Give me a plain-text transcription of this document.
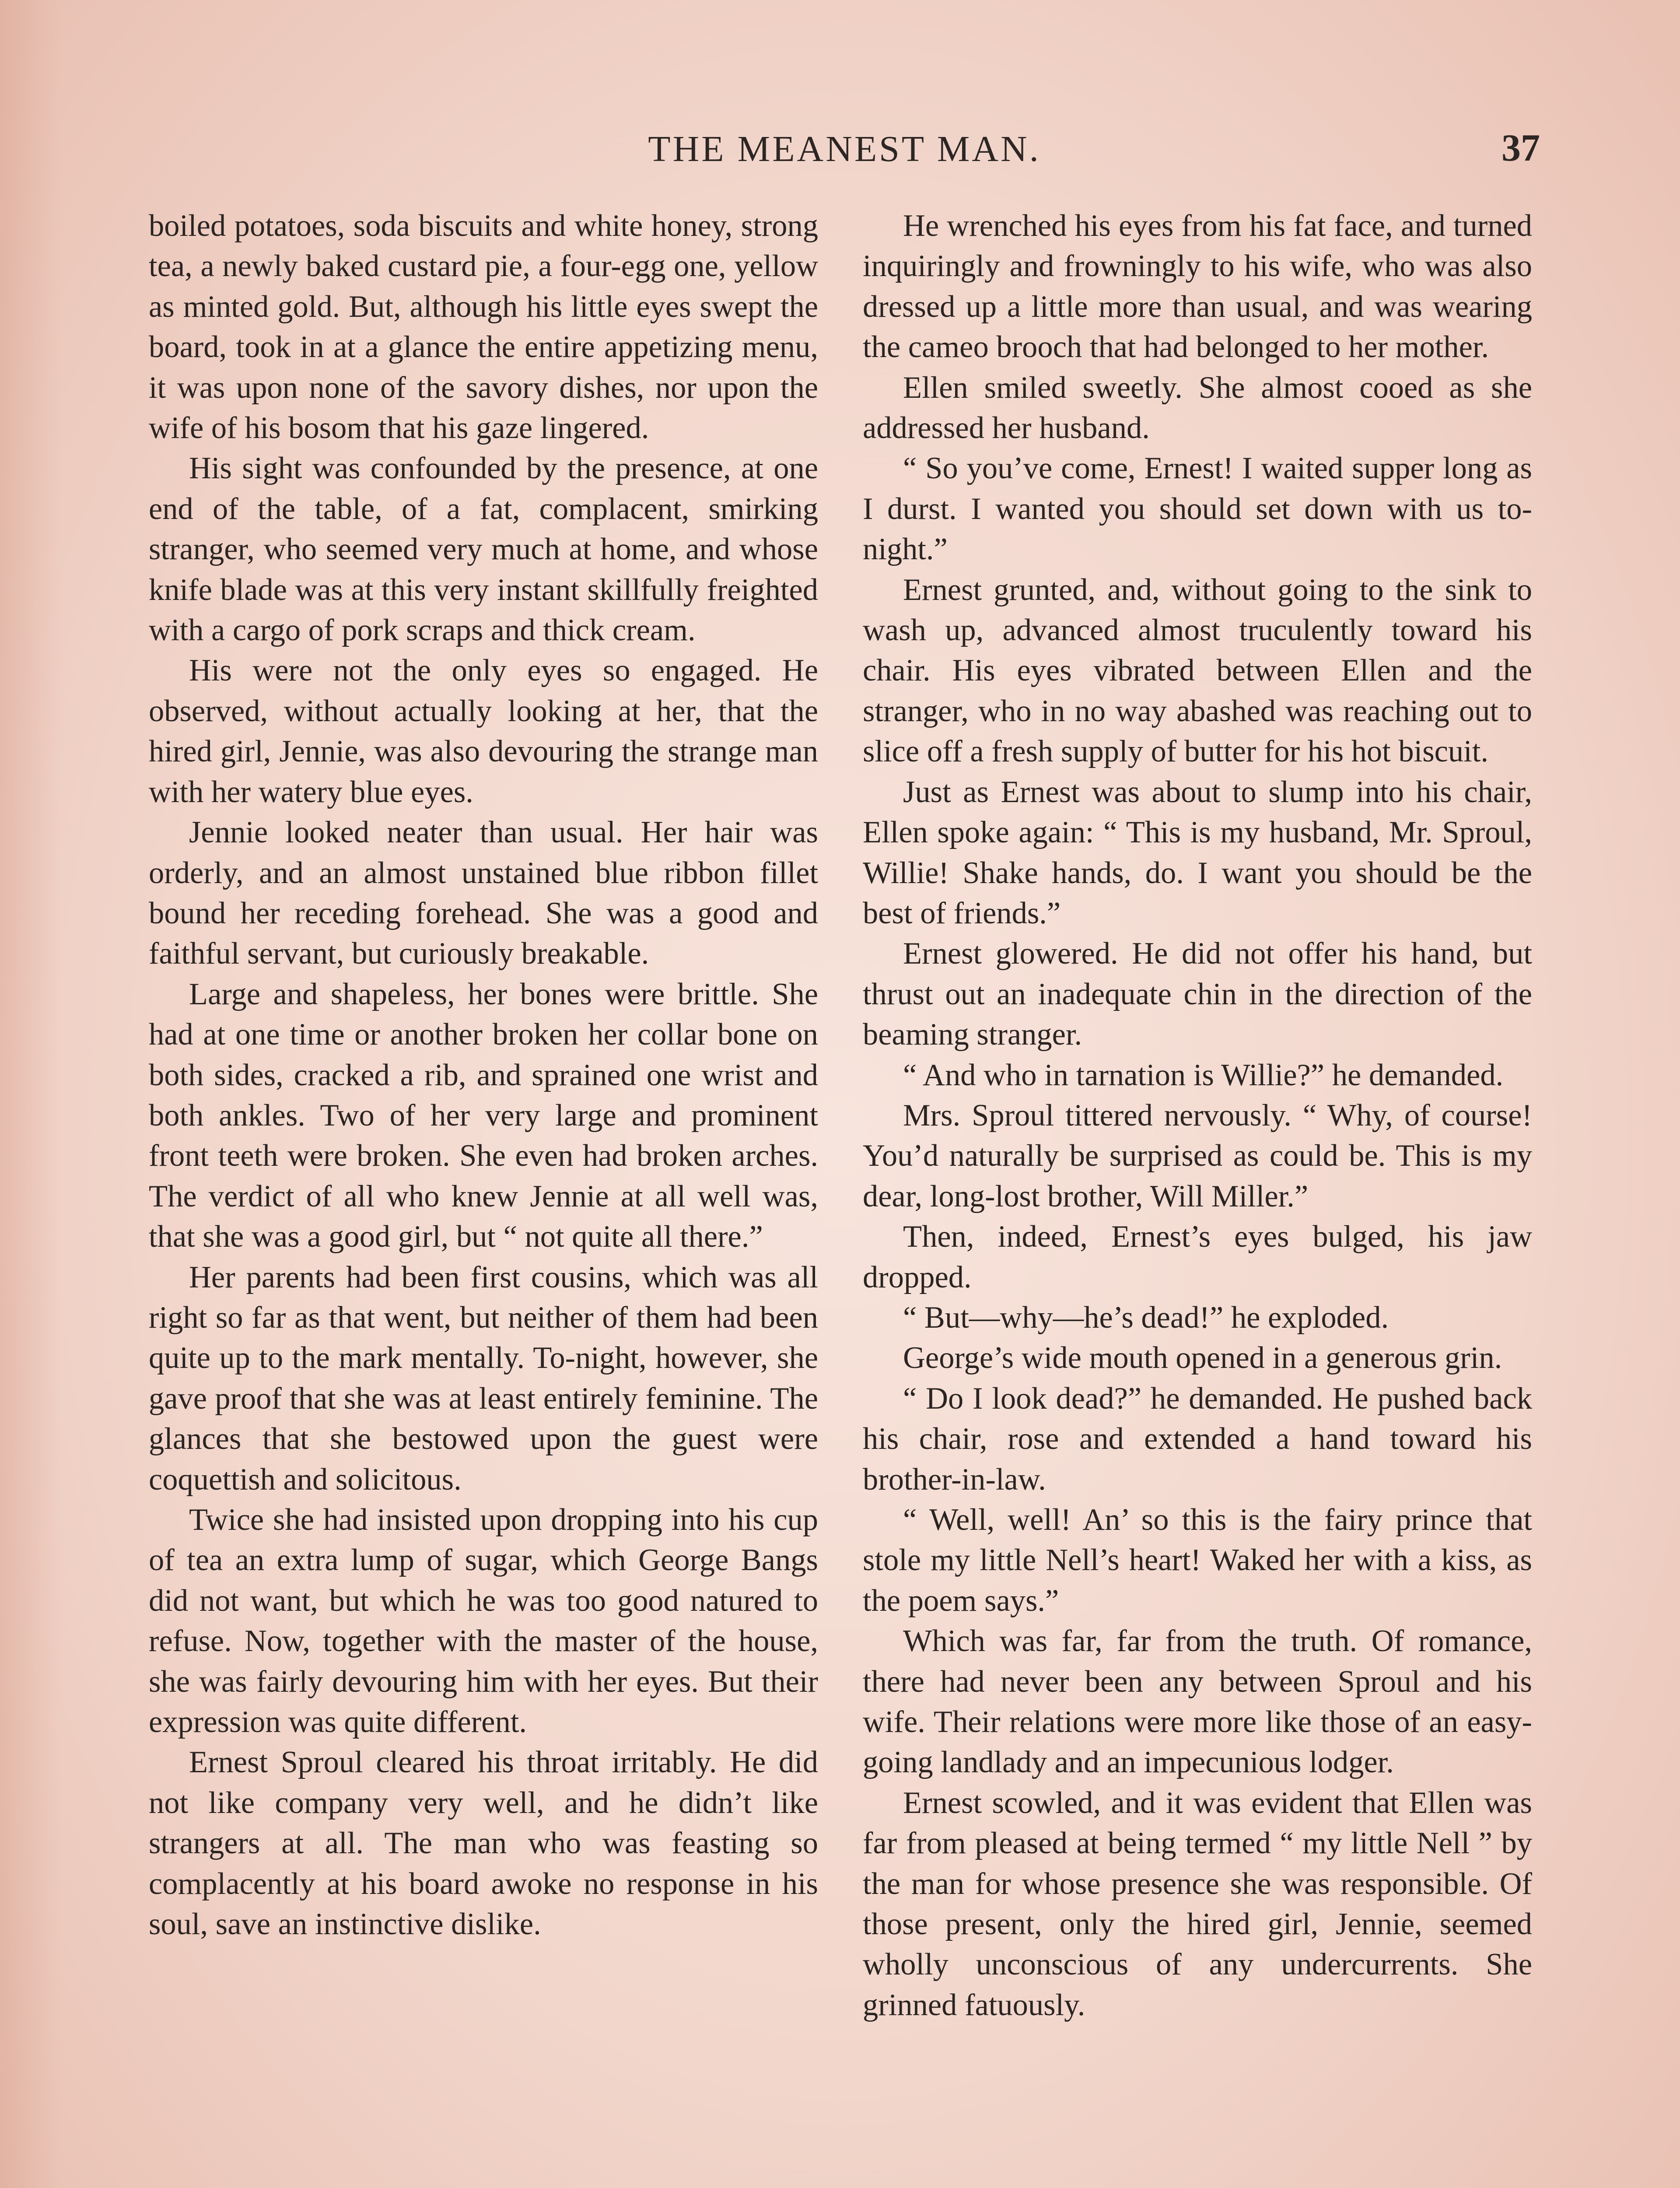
THE MEANEST MAN.	37

boiled potatoes, soda biscuits and white honey, strong tea, a newly baked custard pie, a four-egg one, yellow as minted gold. But, although his little eyes swept the board, took in at a glance the entire appetizing menu, it was upon none of the savory dishes, nor upon the wife of his bosom that his gaze lingered.

His sight was confounded by the presence, at one end of the table, of a fat, complacent, smirking stranger, who seemed very much at home, and whose knife blade was at this very instant skillfully freighted with a cargo of pork scraps and thick cream.

His were not the only eyes so engaged. He observed, without actually looking at her, that the hired girl, Jennie, was also devouring the strange man with her watery blue eyes.

Jennie looked neater than usual. Her hair was orderly, and an almost unstained blue ribbon fillet bound her receding forehead. She was a good and faithful servant, but curiously breakable.

Large and shapeless, her bones were brittle. She had at one time or another broken her collar bone on both sides, cracked a rib, and sprained one wrist and both ankles. Two of her very large and prominent front teeth were broken. She even had broken arches. The verdict of all who knew Jennie at all well was, that she was a good girl, but “ not quite all there.”

Her parents had been first cousins, which was all right so far as that went, but neither of them had been quite up to the mark mentally. To-night, however, she gave proof that she was at least entirely feminine. The glances that she bestowed upon the guest were coquettish and solicitous.

Twice she had insisted upon dropping into his cup of tea an extra lump of sugar, which George Bangs did not want, but which he was too good natured to refuse. Now, together with the master of the house, she was fairly devouring him with her eyes. But their expression was quite different.

Ernest Sproul cleared his throat irritably. He did not like company very well, and he didn’t like strangers at all. The man who was feasting so complacently at his board awoke no response in his soul, save an instinctive dislike.

He wrenched his eyes from his fat face, and turned inquiringly and frowningly to his wife, who was also dressed up a little more than usual, and was wearing the cameo brooch that had belonged to her mother.

Ellen smiled sweetly. She almost cooed as she addressed her husband.

“ So you’ve come, Ernest! I waited supper long as I durst. I wanted you should set down with us to-night.”

Ernest grunted, and, without going to the sink to wash up, advanced almost truculently toward his chair. His eyes vibrated between Ellen and the stranger, who in no way abashed was reaching out to slice off a fresh supply of butter for his hot biscuit.

Just as Ernest was about to slump into his chair, Ellen spoke again: “ This is my husband, Mr. Sproul, Willie! Shake hands, do. I want you should be the best of friends.”

Ernest glowered. He did not offer his hand, but thrust out an inadequate chin in the direction of the beaming stranger.

“ And who in tarnation is Willie?” he demanded.

Mrs. Sproul tittered nervously. “ Why, of course! You’d naturally be surprised as could be. This is my dear, long-lost brother, Will Miller.”

Then, indeed, Ernest’s eyes bulged, his jaw dropped.

“ But—why—he’s dead!” he exploded.

George’s wide mouth opened in a generous grin.

“ Do I look dead?” he demanded. He pushed back his chair, rose and extended a hand toward his brother-in-law.

“ Well, well! An’ so this is the fairy prince that stole my little Nell’s heart! Waked her with a kiss, as the poem says.”

Which was far, far from the truth. Of romance, there had never been any between Sproul and his wife. Their relations were more like those of an easy-going landlady and an impecunious lodger.

Ernest scowled, and it was evident that Ellen was far from pleased at being termed “ my little Nell ” by the man for whose presence she was responsible. Of those present, only the hired girl, Jennie, seemed wholly unconscious of any undercurrents. She grinned fatuously.
